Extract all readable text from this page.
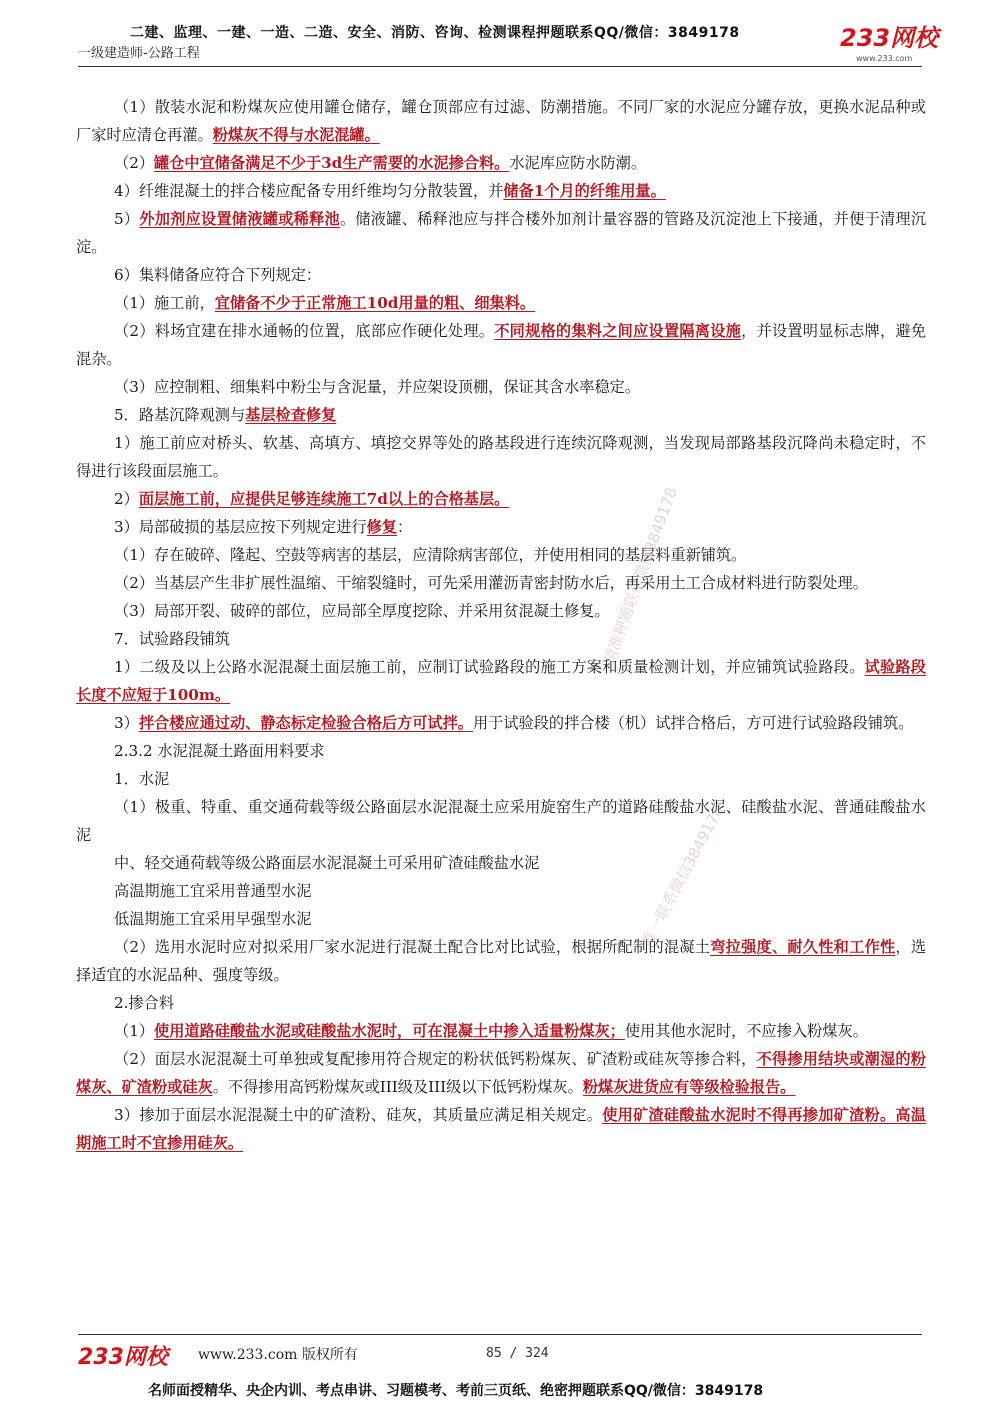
二建、监理、一建、一造、二造、安全、消防、咨询、检测课程押题联系QQ/微信：3849178
一级建造师-公路工程
233网校
www.233.com

（1）散装水泥和粉煤灰应使用罐仓储存，罐仓顶部应有过滤、防潮措施。不同厂家的水泥应分罐存放，更换水泥品种或厂家时应清仓再灌。粉煤灰不得与水泥混罐。

（2）罐仓中宜储备满足不少于3d生产需要的水泥掺合料。水泥库应防水防潮。

4）纤维混凝土的拌合楼应配备专用纤维均匀分散装置，并储备1个月的纤维用量。

5）外加剂应设置储液罐或稀释池。储液罐、稀释池应与拌合楼外加剂计量容器的管路及沉淀池上下接通，并便于清理沉淀。

6）集料储备应符合下列规定：

（1）施工前，宜储备不少于正常施工10d用量的粗、细集料。

（2）料场宜建在排水通畅的位置，底部应作硬化处理。不同规格的集料之间应设置隔离设施，并设置明显标志牌，避免混杂。

（3）应控制粗、细集料中粉尘与含泥量，并应架设顶棚，保证其含水率稳定。

5．路基沉降观测与基层检查修复

1）施工前应对桥头、软基、高填方、填挖交界等处的路基段进行连续沉降观测，当发现局部路基段沉降尚未稳定时，不得进行该段面层施工。

2）面层施工前，应提供足够连续施工7d以上的合格基层。

3）局部破损的基层应按下列规定进行修复：

（1）存在破碎、隆起、空鼓等病害的基层，应清除病害部位，并使用相同的基层料重新铺筑。

（2）当基层产生非扩展性温缩、干缩裂缝时，可先采用灌沥青密封防水后，再采用土工合成材料进行防裂处理。

（3）局部开裂、破碎的部位，应局部全厚度挖除、并采用贫混凝土修复。

7．试验路段铺筑

1）二级及以上公路水泥混凝土面层施工前，应制订试验路段的施工方案和质量检测计划，并应铺筑试验路段。试验路段长度不应短于100m。

3）拌合楼应通过动、静态标定检验合格后方可试拌。用于试验段的拌合楼（机）试拌合格后，方可进行试验路段铺筑。

2.3.2 水泥混凝土路面用料要求

1．水泥

（1）极重、特重、重交通荷载等级公路面层水泥混凝土应采用旋窑生产的道路硅酸盐水泥、硅酸盐水泥、普通硅酸盐水泥

中、轻交通荷载等级公路面层水泥混凝土可采用矿渣硅酸盐水泥

高温期施工宜采用普通型水泥

低温期施工宜采用早强型水泥

（2）选用水泥时应对拟采用厂家水泥进行混凝土配合比对比试验，根据所配制的混凝土弯拉强度、耐久性和工作性，选择适宜的水泥品种、强度等级。

2.掺合料

（1）使用道路硅酸盐水泥或硅酸盐水泥时，可在混凝土中掺入适量粉煤灰；使用其他水泥时，不应掺入粉煤灰。

（2）面层水泥混凝土可单独或复配掺用符合规定的粉状低钙粉煤灰、矿渣粉或硅灰等掺合料，不得掺用结块或潮湿的粉煤灰、矿渣粉或硅灰。不得掺用高钙粉煤灰或III级及III级以下低钙粉煤灰。粉煤灰进货应有等级检验报告。

3）掺加于面层水泥混凝土中的矿渣粉、硅灰，其质量应满足相关规定。使用矿渣硅酸盐水泥时不得再掺加矿渣粉。高温期施工时不宜掺用硅灰。

精准押题联系微信3849178
唯一联系微信3849178
233网校 www.233.com 版权所有	85 / 324
名师面授精华、央企内训、考点串讲、习题模考、考前三页纸、绝密押题联系QQ/微信：3849178
